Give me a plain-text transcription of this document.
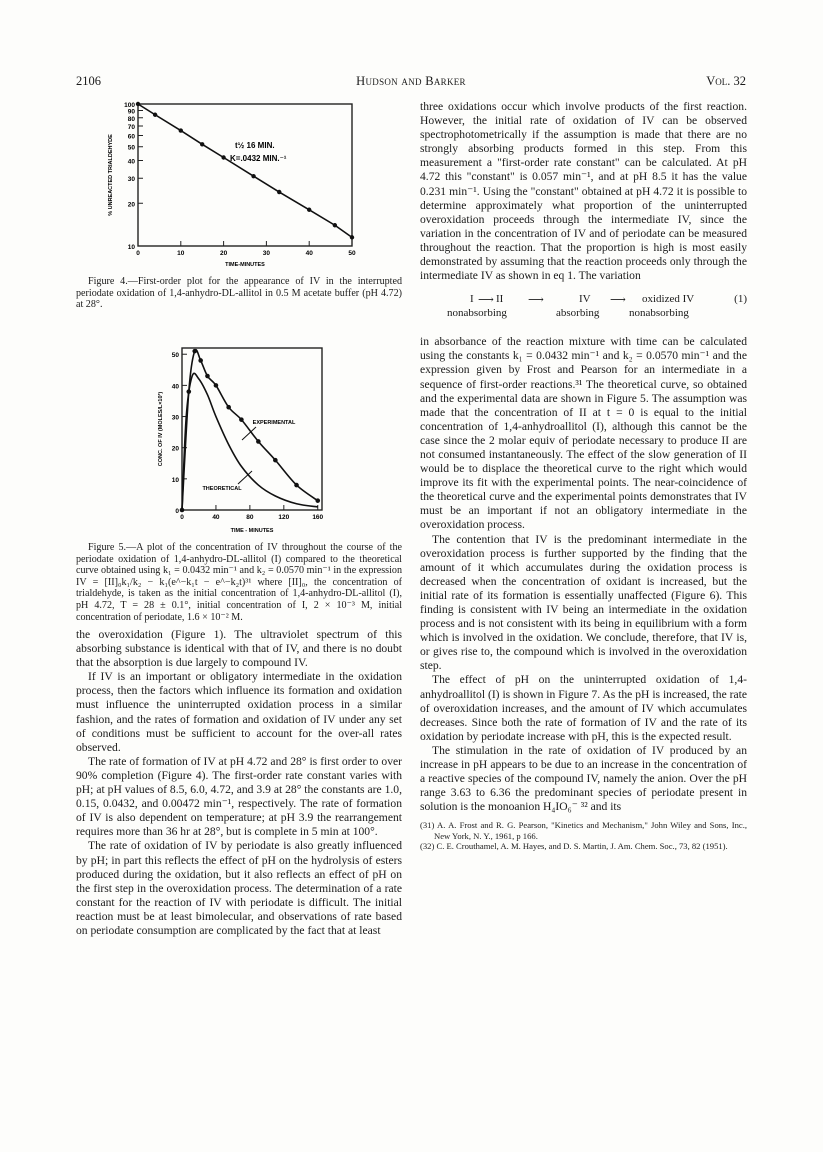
2106	Hudson and Barker	Vol. 32
10
20
30
40
50
60
70
80
90
100
0	10	20	30	40	50
TIME-MINUTES
% UNREACTED TRIALDEHYDE	t½ 16 MIN.
K=.0432 MIN.⁻¹

Figure 4.—First-order plot for the appearance of IV in the interrupted periodate oxidation of 1,4-anhydro-DL-allitol in 0.5 M acetate buffer (pH 4.72) at 28°.

0
10
20
30
40
50
0	40	80	120	160
TIME - MINUTES
CONC. OF IV (MOLES/L×10³)	EXPERIMENTAL
THEORETICAL

Figure 5.—A plot of the concentration of IV throughout the course of the periodate oxidation of 1,4-anhydro-DL-allitol (I) compared to the theoretical curve obtained using k₁ = 0.0432 min⁻¹ and k₂ = 0.0570 min⁻¹ in the expression IV = [II]₀k₁/k₂ − k₁(e^−k₁t − e^−k₂t)³¹ where [II]₀, the concentration of trialdehyde, is taken as the initial concentration of 1,4-anhydro-DL-allitol (I), pH 4.72, T = 28 ± 0.1°, initial concentration of I, 2 × 10⁻³ M, initial concentration of periodate, 1.6 × 10⁻² M.

the overoxidation (Figure 1). The ultraviolet spectrum of this absorbing substance is identical with that of IV, and there is no doubt that the absorption is due largely to compound IV.

If IV is an important or obligatory intermediate in the oxidation process, then the factors which influence its formation and oxidation must influence the uninterrupted oxidation process in a similar fashion, and the rates of formation and oxidation of IV under any set of conditions must be sufficient to account for the over-all rates observed.

The rate of formation of IV at pH 4.72 and 28° is first order to over 90% completion (Figure 4). The first-order rate constant varies with pH; at pH values of 8.5, 6.0, 4.72, and 3.9 at 28° the constants are 1.0, 0.15, 0.0432, and 0.00472 min⁻¹, respectively. The rate of formation of IV is also dependent on temperature; at pH 3.9 the rearrangement requires more than 36 hr at 28°, but is complete in 5 min at 100°.

The rate of oxidation of IV by periodate is also greatly influenced by pH; in part this reflects the effect of pH on the hydrolysis of esters produced during the oxidation, but it also reflects an effect of pH on the first step in the overoxidation process. The determination of a rate constant for the reaction of IV with periodate is difficult. The initial reaction must be at least bimolecular, and observations of rate based on periodate consumption are complicated by the fact that at least

three oxidations occur which involve products of the first reaction. However, the initial rate of oxidation of IV can be observed spectrophotometrically if the assumption is made that there are no strongly absorbing products formed in this step. From this measurement a "first-order rate constant" can be calculated. At pH 4.72 this "constant" is 0.057 min⁻¹, and at pH 8.5 it has the value 0.231 min⁻¹. Using the "constant" obtained at pH 4.72 it is possible to determine approximately what proportion of the uninterrupted overoxidation proceeds through the intermediate IV, since the variation in the concentration of IV and of periodate can be measured throughout the reaction. That the proportion is high is most easily demonstrated by assuming that the reaction proceeds only through the intermediate IV as shown in eq 1. The variation

I ⟶ II ⟶	IV ⟶ oxidized IV	(1)
nonabsorbing	absorbing	nonabsorbing

in absorbance of the reaction mixture with time can be calculated using the constants k₁ = 0.0432 min⁻¹ and k₂ = 0.0570 min⁻¹ and the expression given by Frost and Pearson for an intermediate in a sequence of first-order reactions.³¹ The theoretical curve, so obtained and the experimental data are shown in Figure 5. The assumption was made that the concentration of II at t = 0 is equal to the initial concentration of 1,4-anhydroallitol (I), although this cannot be the case since the 2 molar equiv of periodate necessary to produce II are not consumed instantaneously. The effect of the slow generation of II would be to displace the theoretical curve to the right which would improve its fit with the experimental points. The near-coincidence of the theoretical curve and the experimental points demonstrates that IV must be an important if not an obligatory intermediate in the overoxidation process.

The contention that IV is the predominant intermediate in the overoxidation process is further supported by the finding that the amount of it which accumulates during the oxidation process is decreased when the concentration of oxidant is increased, but the initial rate of its formation is essentially unaffected (Figure 6). This finding is consistent with IV being an intermediate in the oxidation process and is not consistent with its being in equilibrium with a form which is involved in the oxidation. We conclude, therefore, that IV is, or gives rise to, the compound which is involved in the overoxidation step.

The effect of pH on the uninterrupted oxidation of 1,4-anhydroallitol (I) is shown in Figure 7. As the pH is increased, the rate of overoxidation increases, and the amount of IV which accumulates decreases. Since both the rate of formation of IV and the rate of its oxidation by periodate increase with pH, this is the expected result.

The stimulation in the rate of oxidation of IV produced by an increase in pH appears to be due to an increase in the concentration of a reactive species of the compound IV, namely the anion. Over the pH range 3.63 to 6.36 the predominant species of periodate present in solution is the monoanion H₄IO₆⁻ ³² and its

(31) A. A. Frost and R. G. Pearson, "Kinetics and Mechanism," John Wiley and Sons, Inc., New York, N. Y., 1961, p 166.

(32) C. E. Crouthamel, A. M. Hayes, and D. S. Martin, J. Am. Chem. Soc., 73, 82 (1951).
